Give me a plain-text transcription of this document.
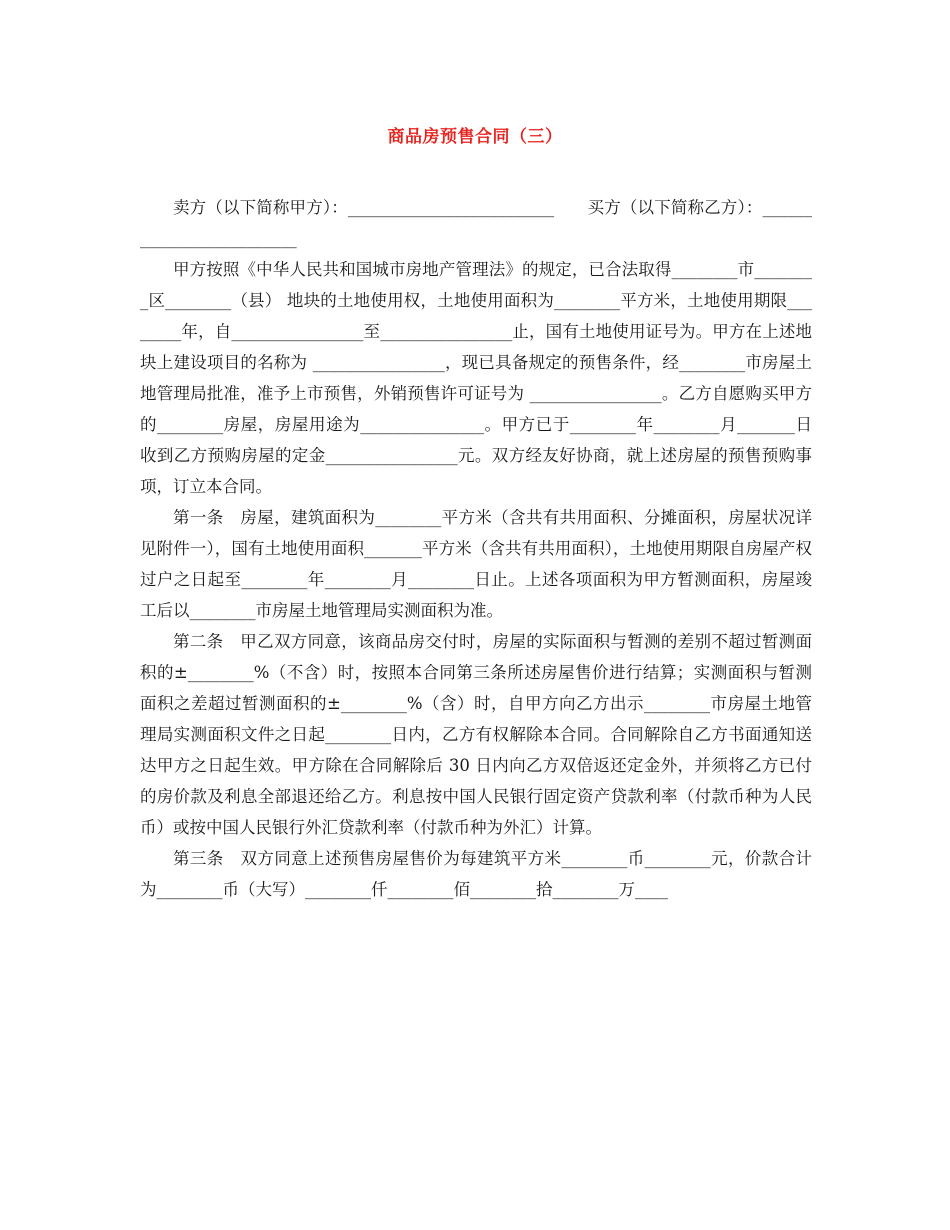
商品房预售合同（三）

卖方（以下简称甲方）：_________________________　　买方（以下简称乙方）：_________________________

甲方按照《中华人民共和国城市房地产管理法》的规定，已合法取得________市________区________（县） 地块的土地使用权，土地使用面积为________平方米，土地使用期限________年，自________________至________________止，国有土地使用证号为。甲方在上述地块上建设项目的名称为 ________________，现已具备规定的预售条件，经________市房屋土地管理局批准，准予上市预售，外销预售许可证号为 ________________。乙方自愿购买甲方的________房屋，房屋用途为_______________。甲方已于________年________月_______日收到乙方预购房屋的定金________________元。双方经友好协商，就上述房屋的预售预购事项，订立本合同。

第一条　房屋，建筑面积为________平方米（含共有共用面积、分摊面积，房屋状况详见附件一），国有土地使用面积_______平方米（含共有共用面积），土地使用期限自房屋产权过户之日起至________年________月________日止。上述各项面积为甲方暂测面积，房屋竣工后以________市房屋土地管理局实测面积为准。

第二条　甲乙双方同意，该商品房交付时，房屋的实际面积与暂测的差别不超过暂测面积的±________%（不含）时，按照本合同第三条所述房屋售价进行结算；实测面积与暂测面积之差超过暂测面积的±________%（含）时，自甲方向乙方出示________市房屋土地管理局实测面积文件之日起________日内，乙方有权解除本合同。合同解除自乙方书面通知送达甲方之日起生效。甲方除在合同解除后 30 日内向乙方双倍返还定金外，并须将乙方已付的房价款及利息全部退还给乙方。利息按中国人民银行固定资产贷款利率（付款币种为人民币）或按中国人民银行外汇贷款利率（付款币种为外汇）计算。

第三条　双方同意上述预售房屋售价为每建筑平方米________币________元，价款合计为________币（大写）________仟________佰________拾________万____
